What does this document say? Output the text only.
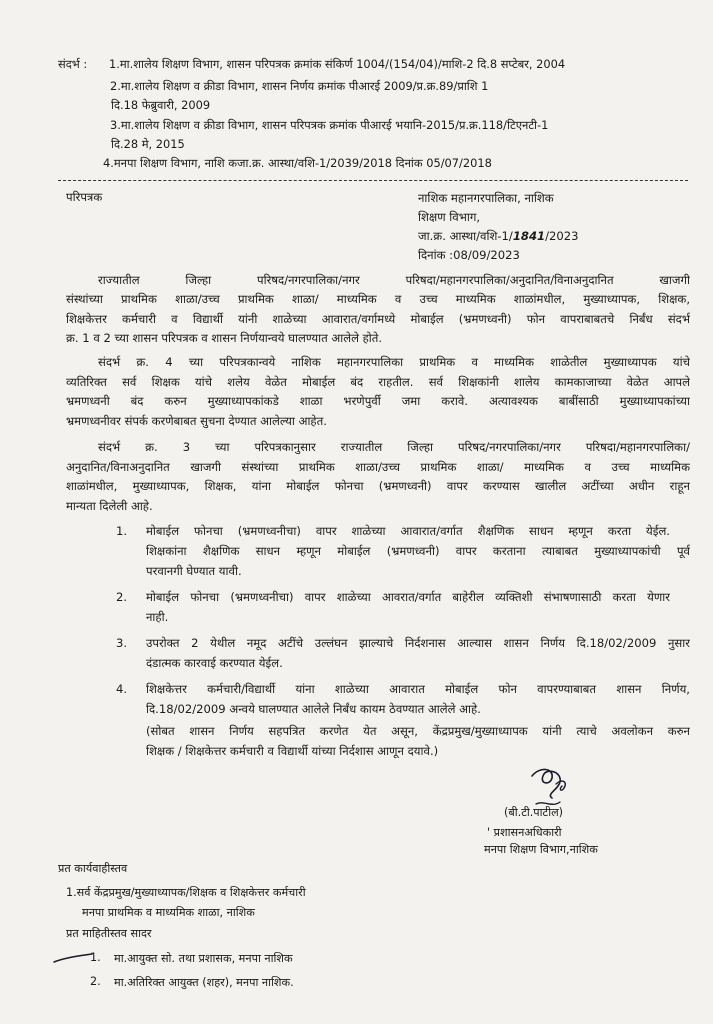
संदर्भ : 1.मा.शालेय शिक्षण विभाग, शासन परिपत्रक क्रमांक संकिर्ण 1004/(154/04)/माशि-2 दि.8 सप्टेबर, 2004
2.मा.शालेय शिक्षण व क्रीडा विभाग, शासन निर्णय क्रमांक पीआरई 2009/प्र.क्र.89/प्राशि 1
दि.18 फेब्रुवारी, 2009
3.मा.शालेय शिक्षण व क्रीडा विभाग, शासन परिपत्रक क्रमांक पीआरई भयानि-2015/प्र.क्र.118/टिएनटी-1
दि.28 मे, 2015
4.मनपा शिक्षण विभाग, नाशि कजा.क्र. आस्था/वशि-1/2039/2018 दिनांक 05/07/2018
परिपत्रक	नाशिक महानगरपालिका, नाशिक
शिक्षण विभाग,
जा.क्र. आस्था/वशि-1/1841/2023
दिनांक :08/09/2023
राज्यातील जिल्हा परिषद/नगरपालिका/नगर परिषदा/महानगरपालिका/अनुदानित/विनाअनुदानित खाजगी
संस्थांच्या प्राथमिक शाळा/उच्च प्राथमिक शाळा/ माध्यमिक व उच्च माध्यमिक शाळांमधील, मुख्याध्यापक, शिक्षक,
शिक्षकेत्तर कर्मचारी व विद्यार्थी यांनी शाळेच्या आवारात/वर्गामध्ये मोबाईल (भ्रमणध्वनी) फोन वापराबाबतचे निर्बंध संदर्भ
क्र. 1 व 2 च्या शासन परिपत्रक व शासन निर्णयान्वये घालण्यात आलेले होते.
संदर्भ क्र. 4 च्या परिपत्रकान्वये नाशिक महानगरपालिका प्राथमिक व माध्यमिक शाळेतील मुख्याध्यापक यांचे
व्यतिरिक्त सर्व शिक्षक यांचे शलेय वेळेत मोबाईल बंद राहतील. सर्व शिक्षकांनी शालेय कामकाजाच्या वेळेत आपले
भ्रमणध्वनी बंद करुन मुख्याध्यापकांकडे शाळा भरणेपुर्वी जमा करावे. अत्यावश्यक बाबींसाठी मुख्याध्यापकांच्या
भ्रमणध्वनीवर संपर्क करणेबाबत सुचना देण्यात आलेल्या आहेत.
संदर्भ क्र. 3 च्या परिपत्रकानुसार राज्यातील जिल्हा परिषद/नगरपालिका/नगर परिषदा/महानगरपालिका/
अनुदानित/विनाअनुदानित खाजगी संस्थांच्या प्राथमिक शाळा/उच्च प्राथमिक शाळा/ माध्यमिक व उच्च माध्यमिक
शाळांमधील, मुख्याध्यापक, शिक्षक, यांना मोबाईल फोनचा (भ्रमणध्वनी) वापर करण्यास खालील अटींच्या अधीन राहून
मान्यता दिलेली आहे.
1. मोबाईल फोनचा (भ्रमणध्वनीचा) वापर शाळेच्या आवारात/वर्गात शैक्षणिक साधन म्हणून करता येईल.
शिक्षकांना शैक्षणिक साधन म्हणून मोबाईल (भ्रमणध्वनी) वापर करताना त्याबाबत मुख्याध्यापकांची पूर्व
परवानगी घेण्यात यावी.
2. मोबाईल फोनचा (भ्रमणध्वनीचा) वापर शाळेच्या आवरात/वर्गात बाहेरील व्यक्तिशी संभाषणासाठी करता येणार
नाही.
3. उपरोक्त 2 येथील नमूद अटींचे उल्लंघन झाल्याचे निर्दशनास आल्यास शासन निर्णय दि.18/02/2009 नुसार
दंडात्मक कारवाई करण्यात येईल.
4. शिक्षकेत्तर कर्मचारी/विद्यार्थी यांना शाळेच्या आवारात मोबाईल फोन वापरण्याबाबत शासन निर्णय,
दि.18/02/2009 अन्वये घालण्यात आलेले निर्बंध कायम ठेवण्यात आलेले आहे.
(सोबत शासन निर्णय सहपत्रित करणेत येत असून, केंद्रप्रमुख/मुख्याध्यापक यांनी त्याचे अवलोकन करुन
शिक्षक / शिक्षकेत्तर कर्मचारी व विद्यार्थी यांच्या निर्दशास आणून दयावे.)
(बी.टी.पाटील)
' प्रशासनअधिकारी
मनपा शिक्षण विभाग,नाशिक
प्रत कार्यवाहीस्तव
1.सर्व केंद्रप्रमुख/मुख्याध्यापक/शिक्षक व शिक्षकेत्तर कर्मचारी
मनपा प्राथमिक व माध्यमिक शाळा, नाशिक
प्रत माहितीस्तव सादर
1. मा.आयुक्त सो. तथा प्रशासक, मनपा नाशिक
2. मा.अतिरिक्त आयुक्त (शहर), मनपा नाशिक.
